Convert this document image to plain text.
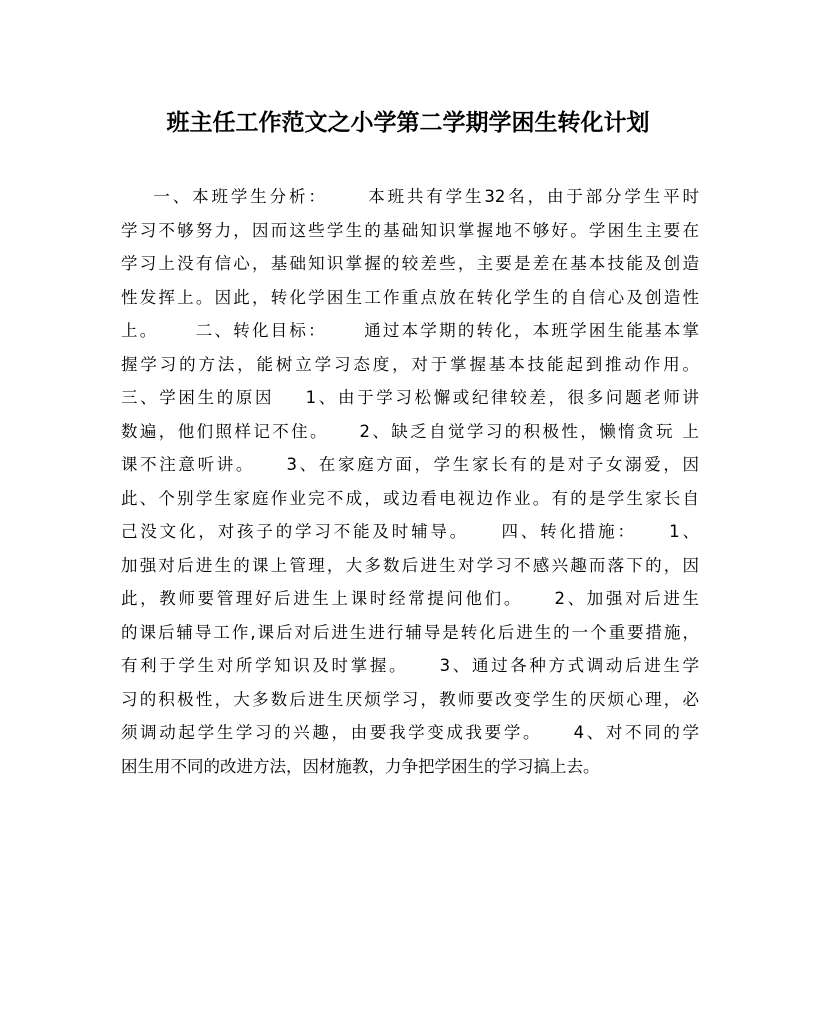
班主任工作范文之小学第二学期学困生转化计划
一、本班学生分析：     本班共有学生32名，由于部分学生平时
学习不够努力，因而这些学生的基础知识掌握地不够好。学困生主要在
学习上没有信心，基础知识掌握的较差些，主要是差在基本技能及创造
性发挥上。因此，转化学困生工作重点放在转化学生的自信心及创造性
上。     二、转化目标：     通过本学期的转化，本班学困生能基本掌
握学习的方法，能树立学习态度，对于掌握基本技能起到推动作用。
三、学困生的原因    1、由于学习松懈或纪律较差，很多问题老师讲
数遍，他们照样记不住。    2、缺乏自觉学习的积极性，懒惰贪玩 上
课不注意听讲。    3、在家庭方面，学生家长有的是对子女溺爱，因
此、个别学生家庭作业完不成，或边看电视边作业。有的是学生家长自
己没文化，对孩子的学习不能及时辅导。    四、转化措施：    1、
加强对后进生的课上管理，大多数后进生对学习不感兴趣而落下的，因
此，教师要管理好后进生上课时经常提问他们。    2、加强对后进生
的课后辅导工作,课后对后进生进行辅导是转化后进生的一个重要措施，
有利于学生对所学知识及时掌握。    3、通过各种方式调动后进生学
习的积极性，大多数后进生厌烦学习，教师要改变学生的厌烦心理，必
须调动起学生学习的兴趣，由要我学变成我要学。    4、对不同的学
困生用不同的改进方法，因材施教，力争把学困生的学习搞上去。
